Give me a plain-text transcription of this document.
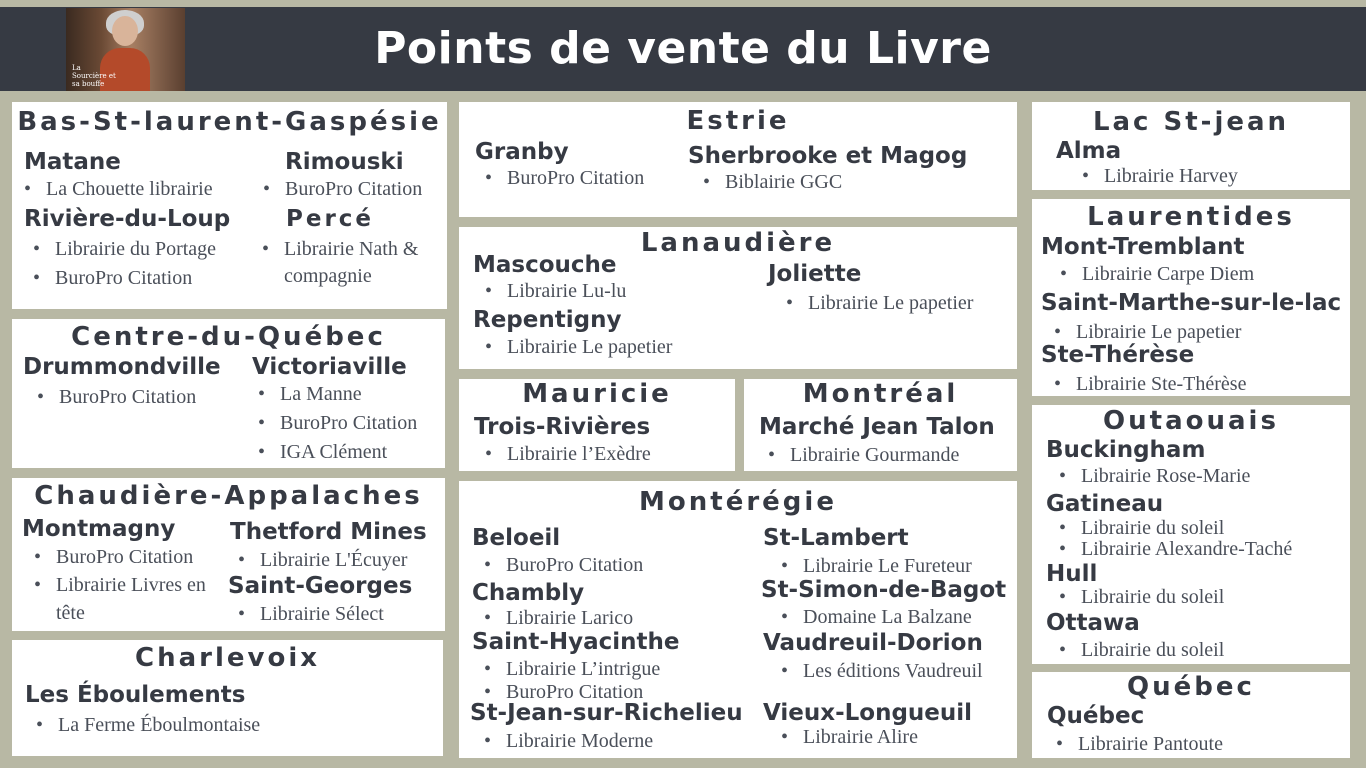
Points de vente du Livre
La Sourcière et sa bouffe
Bas-St-laurent-Gaspésie
Matane
• La Chouette librairie
Rimouski
• BuroPro Citation
Rivière-du-Loup
• Librairie du Portage
• BuroPro Citation
Percé
• Librairie Nath & compagnie
Centre-du-Québec
Drummondville
• BuroPro Citation
Victoriaville
• La Manne
• BuroPro Citation
• IGA Clément
Chaudière-Appalaches
Montmagny
• BuroPro Citation
• Librairie Livres en tête
Thetford Mines
• Librairie L'Écuyer
Saint-Georges
• Librairie Sélect
Charlevoix
Les Éboulements
• La Ferme Éboulmontaise
Estrie
Granby
• BuroPro Citation
Sherbrooke et Magog
• Biblairie GGC
Lanaudière
Mascouche
• Librairie Lu-lu
Repentigny
• Librairie Le papetier
Joliette
• Librairie Le papetier
Mauricie
Trois-Rivières
• Librairie l’Exèdre
Montréal
Marché Jean Talon
• Librairie Gourmande
Montérégie
Beloeil
• BuroPro Citation
Chambly
• Librairie Larico
Saint-Hyacinthe
• Librairie L’intrigue
• BuroPro Citation
St-Jean-sur-Richelieu
• Librairie Moderne
St-Lambert
• Librairie Le Fureteur
St-Simon-de-Bagot
• Domaine La Balzane
Vaudreuil-Dorion
• Les éditions Vaudreuil
Vieux-Longueuil
• Librairie Alire
Lac St-jean
Alma
• Librairie Harvey
Laurentides
Mont-Tremblant
• Librairie Carpe Diem
Saint-Marthe-sur-le-lac
• Librairie Le papetier
Ste-Thérèse
• Librairie Ste-Thérèse
Outaouais
Buckingham
• Librairie Rose-Marie
Gatineau
• Librairie du soleil
• Librairie Alexandre-Taché
Hull
• Librairie du soleil
Ottawa
• Librairie du soleil
Québec
Québec
• Librairie Pantoute
